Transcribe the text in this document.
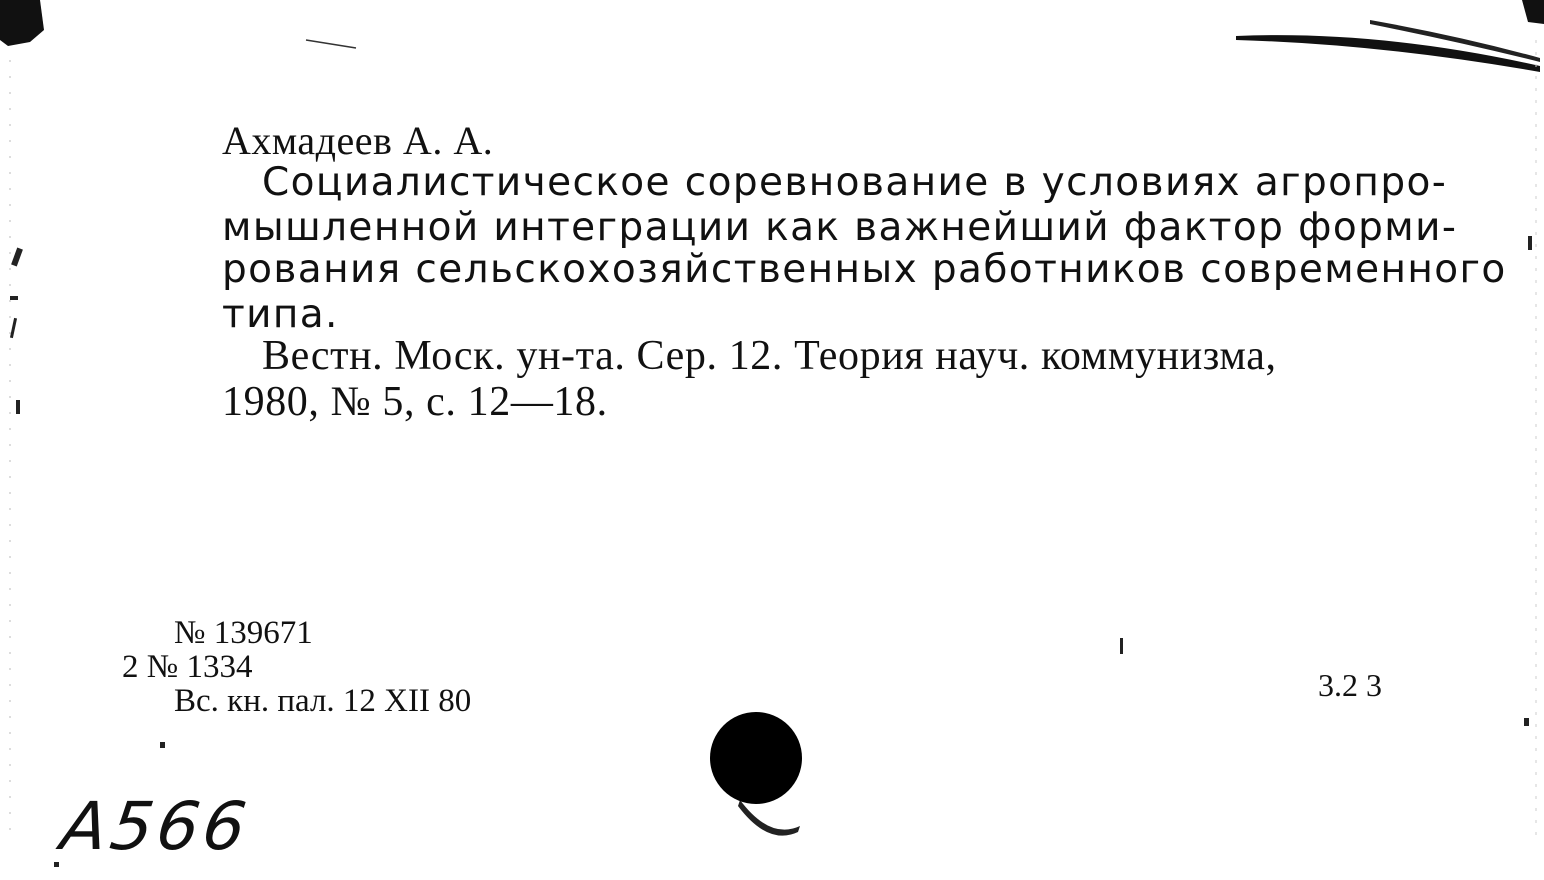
Ахмадеев А. А.
Социалистическое соревнование в условиях агропро-
мышленной интеграции как важнейший фактор форми-
рования сельскохозяйственных работников современного
типа.
Вестн. Моск. ун-та. Сер. 12. Теория науч. коммунизма,
1980, № 5, с. 12—18.
№ 139671
2 № 1334
Вс. кн. пал. 12 XII 80	3.2 3
A566
